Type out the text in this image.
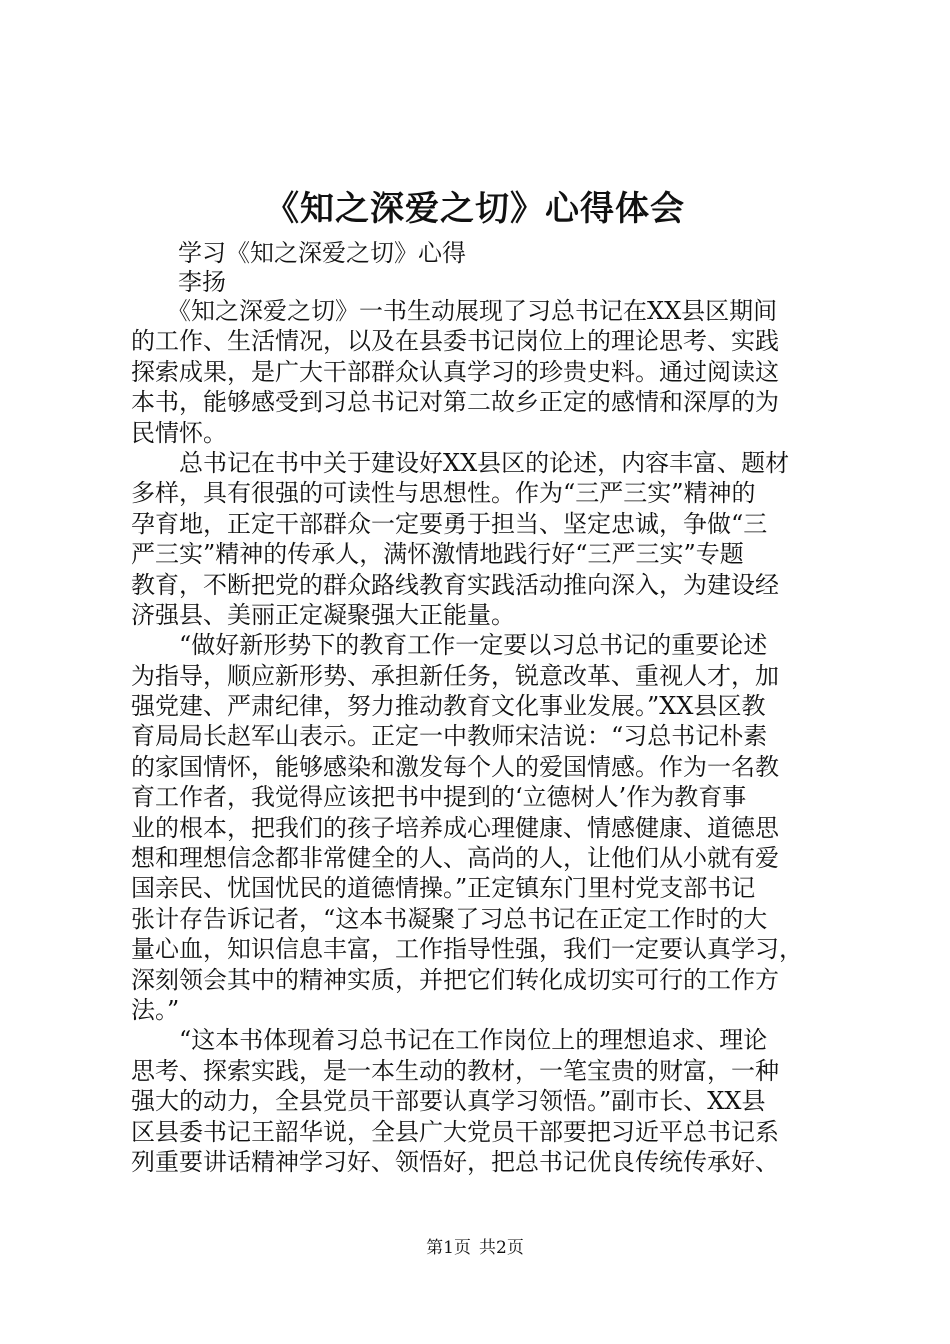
《知之深爱之切》心得体会
学习《知之深爱之切》心得
李扬

　　《知之深爱之切》一书生动展现了习总书记在XX县区期间
的工作、生活情况，以及在县委书记岗位上的理论思考、实践
探索成果，是广大干部群众认真学习的珍贵史料。通过阅读这
本书，能够感受到习总书记对第二故乡正定的感情和深厚的为
民情怀。

　　总书记在书中关于建设好XX县区的论述，内容丰富、题材
多样，具有很强的可读性与思想性。作为“三严三实”精神的
孕育地，正定干部群众一定要勇于担当、坚定忠诚，争做“三
严三实”精神的传承人，满怀激情地践行好“三严三实”专题
教育，不断把党的群众路线教育实践活动推向深入，为建设经
济强县、美丽正定凝聚强大正能量。

　　“做好新形势下的教育工作一定要以习总书记的重要论述
为指导，顺应新形势、承担新任务，锐意改革、重视人才，加
强党建、严肃纪律，努力推动教育文化事业发展。”XX县区教
育局局长赵军山表示。正定一中教师宋洁说：“习总书记朴素
的家国情怀，能够感染和激发每个人的爱国情感。作为一名教
育工作者，我觉得应该把书中提到的‘立德树人’作为教育事
业的根本，把我们的孩子培养成心理健康、情感健康、道德思
想和理想信念都非常健全的人、高尚的人，让他们从小就有爱
国亲民、忧国忧民的道德情操。”正定镇东门里村党支部书记
张计存告诉记者，“这本书凝聚了习总书记在正定工作时的大
量心血，知识信息丰富，工作指导性强，我们一定要认真学习，
深刻领会其中的精神实质，并把它们转化成切实可行的工作方
法。”

　　“这本书体现着习总书记在工作岗位上的理想追求、理论
思考、探索实践，是一本生动的教材，一笔宝贵的财富，一种
强大的动力，全县党员干部要认真学习领悟。”副市长、XX县
区县委书记王韶华说，全县广大党员干部要把习近平总书记系
列重要讲话精神学习好、领悟好，把总书记优良传统传承好、

第1页 共2页
